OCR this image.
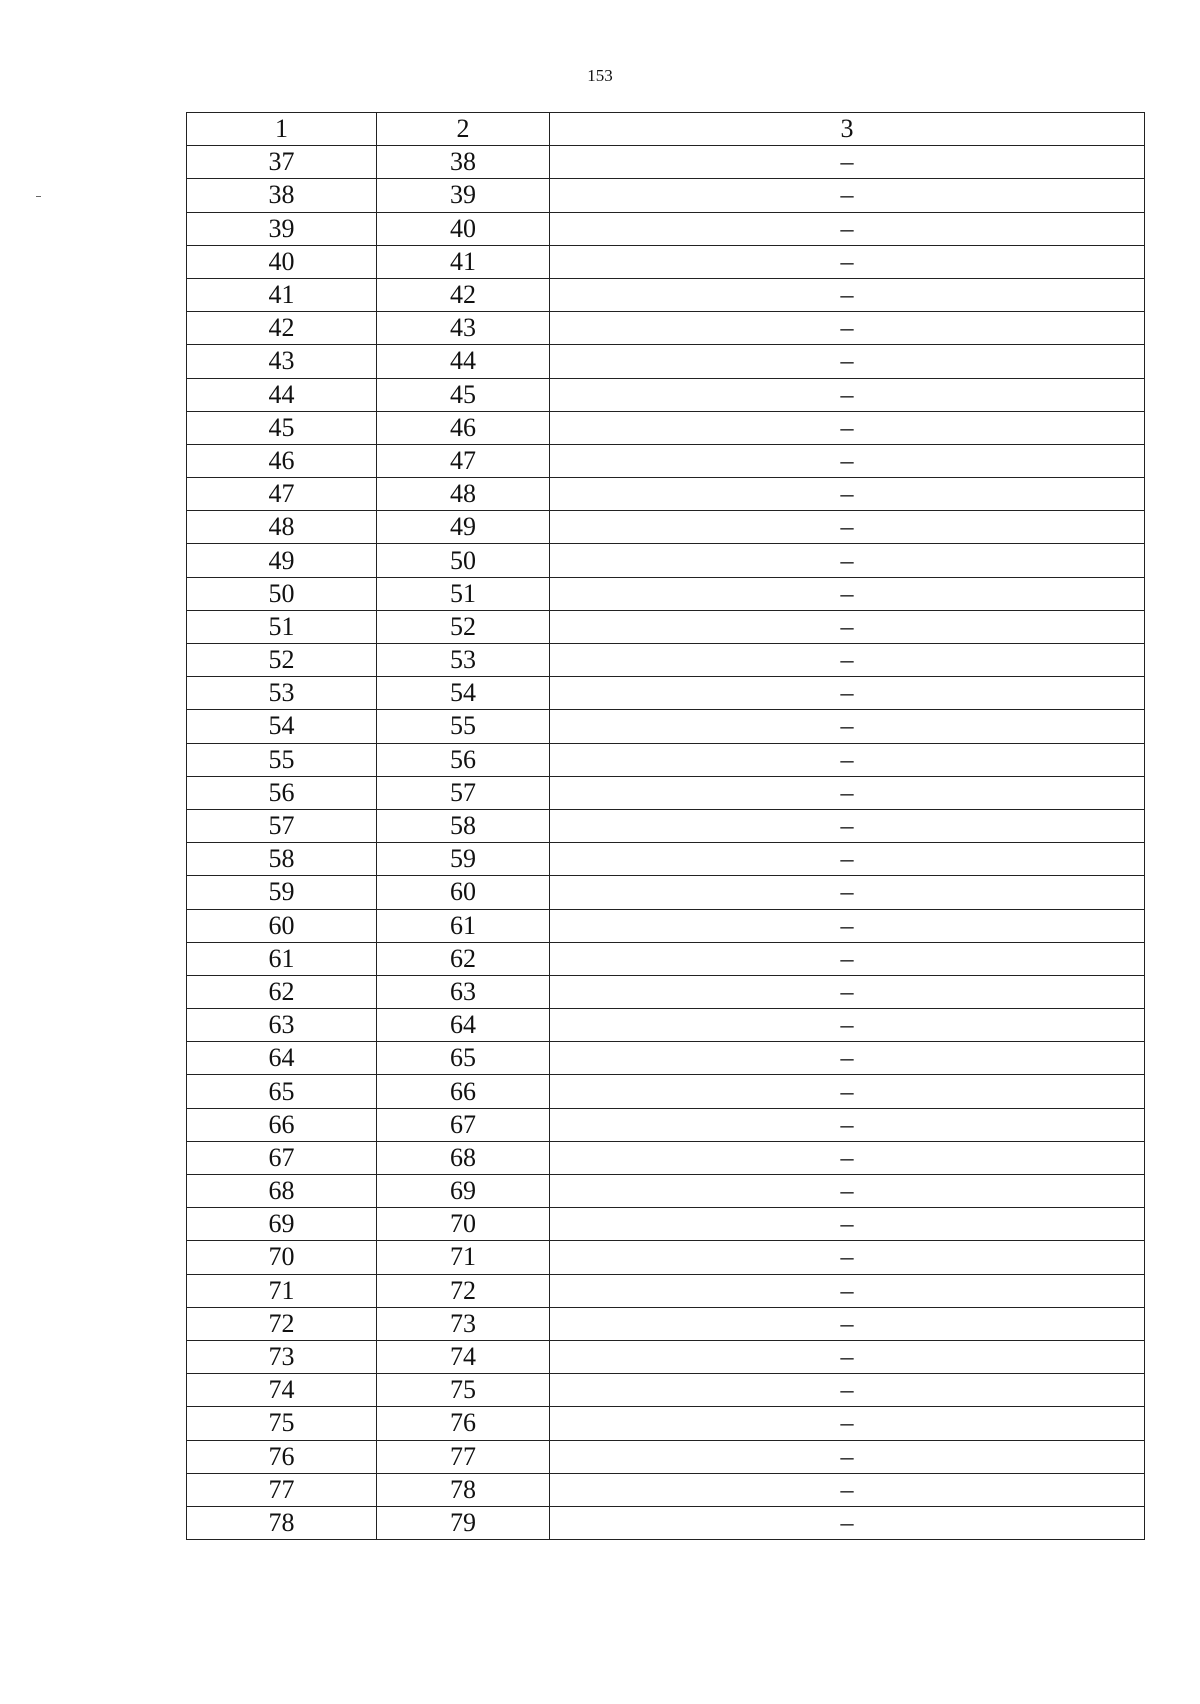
153
1	2	3
37	38	–
38	39	–
39	40	–
40	41	–
41	42	–
42	43	–
43	44	–
44	45	–
45	46	–
46	47	–
47	48	–
48	49	–
49	50	–
50	51	–
51	52	–
52	53	–
53	54	–
54	55	–
55	56	–
56	57	–
57	58	–
58	59	–
59	60	–
60	61	–
61	62	–
62	63	–
63	64	–
64	65	–
65	66	–
66	67	–
67	68	–
68	69	–
69	70	–
70	71	–
71	72	–
72	73	–
73	74	–
74	75	–
75	76	–
76	77	–
77	78	–
78	79	–
